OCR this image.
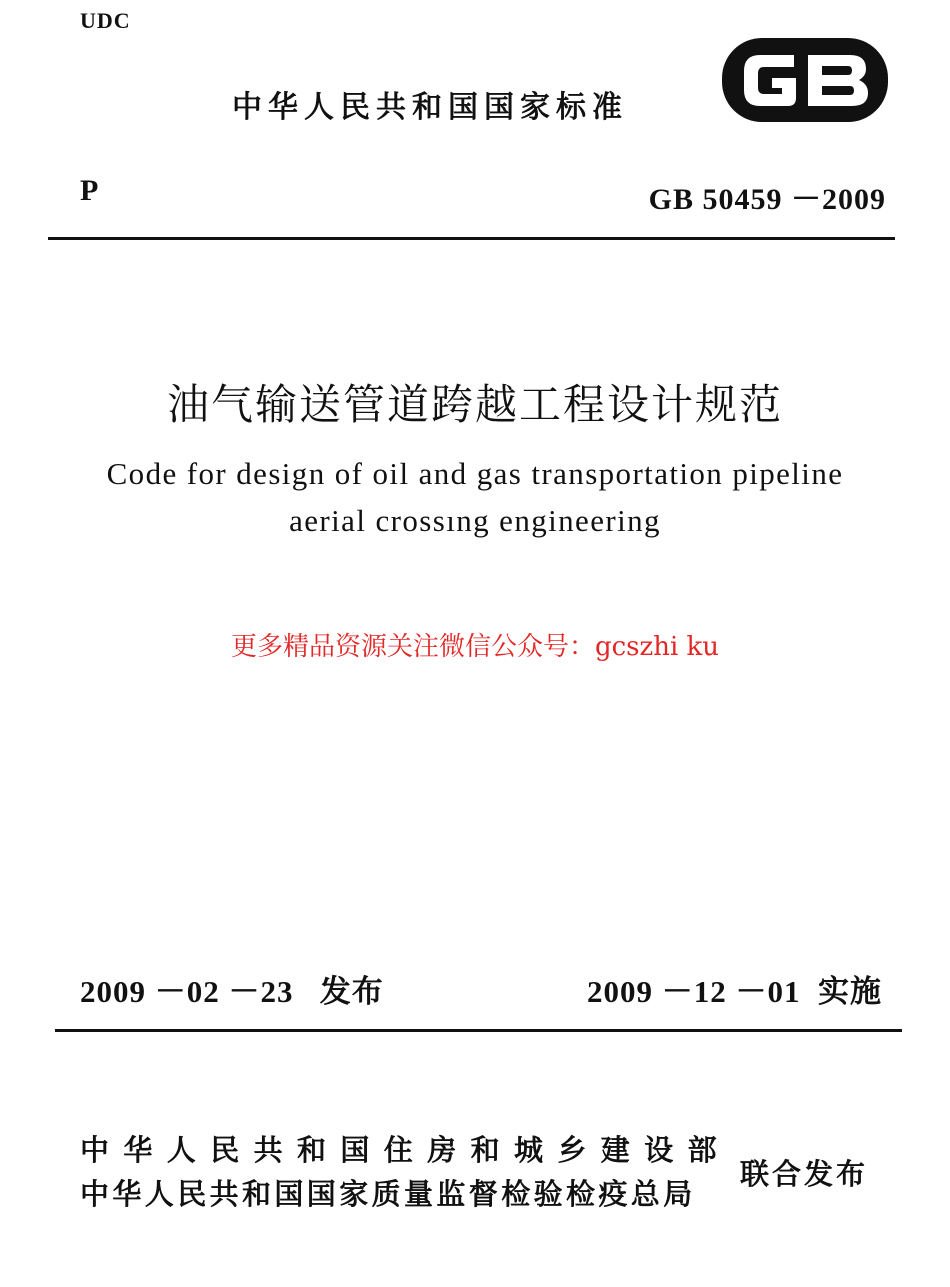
UDC
中华人民共和国国家标准
P	GB 50459 －2009
油气输送管道跨越工程设计规范
Code for design of oil and gas transportation pipeline
aerial crossıng engineering
更多精品资源关注微信公众号：gcszhi ku
2009 －02 －23 发布	2009 －12 －01 实施
中华人民共和国住房和城乡建设部
中华人民共和国国家质量监督检验检疫总局
联合发布
